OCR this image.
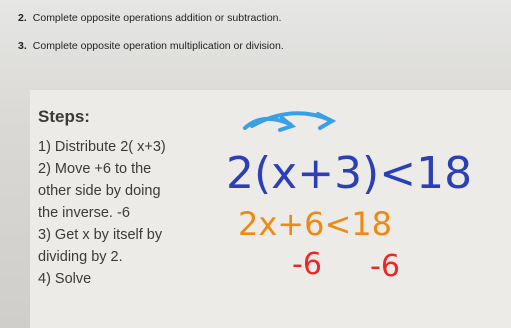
2. Complete opposite operations addition or subtraction.
3. Complete opposite operation multiplication or division.
Steps:
1) Distribute 2( x+3)
2) Move +6 to the
other side by doing
the inverse. -6
3) Get x by itself by
dividing by 2.
4) Solve
2(x+3)<18
2x+6<18
-6 -6
